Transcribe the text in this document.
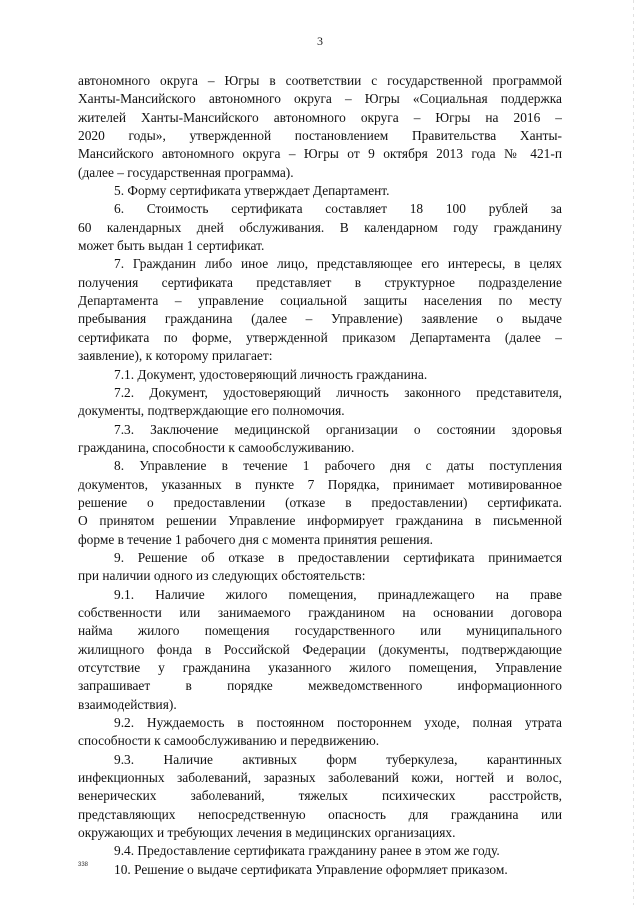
3
автономного округа – Югры в соответствии с государственной программой
Ханты-Мансийского автономного округа – Югры «Социальная поддержка
жителей Ханты-Мансийского автономного округа – Югры на 2016 –
2020 годы», утвержденной постановлением Правительства Ханты-
Мансийского автономного округа – Югры от 9 октября 2013 года № 421-п
(далее – государственная программа).
5. Форму сертификата утверждает Департамент.
6. Стоимость сертификата составляет 18 100 рублей за
60 календарных дней обслуживания. В календарном году гражданину
может быть выдан 1 сертификат.
7. Гражданин либо иное лицо, представляющее его интересы, в целях
получения сертификата представляет в структурное подразделение
Департамента – управление социальной защиты населения по месту
пребывания гражданина (далее – Управление) заявление о выдаче
сертификата по форме, утвержденной приказом Департамента (далее –
заявление), к которому прилагает:
7.1. Документ, удостоверяющий личность гражданина.
7.2. Документ, удостоверяющий личность законного представителя,
документы, подтверждающие его полномочия.
7.3. Заключение медицинской организации о состоянии здоровья
гражданина, способности к самообслуживанию.
8. Управление в течение 1 рабочего дня с даты поступления
документов, указанных в пункте 7 Порядка, принимает мотивированное
решение о предоставлении (отказе в предоставлении) сертификата.
О принятом решении Управление информирует гражданина в письменной
форме в течение 1 рабочего дня с момента принятия решения.
9. Решение об отказе в предоставлении сертификата принимается
при наличии одного из следующих обстоятельств:
9.1. Наличие жилого помещения, принадлежащего на праве
собственности или занимаемого гражданином на основании договора
найма жилого помещения государственного или муниципального
жилищного фонда в Российской Федерации (документы, подтверждающие
отсутствие у гражданина указанного жилого помещения, Управление
запрашивает в порядке межведомственного информационного
взаимодействия).
9.2. Нуждаемость в постоянном постороннем уходе, полная утрата
способности к самообслуживанию и передвижению.
9.3. Наличие активных форм туберкулеза, карантинных
инфекционных заболеваний, заразных заболеваний кожи, ногтей и волос,
венерических заболеваний, тяжелых психических расстройств,
представляющих непосредственную опасность для гражданина или
окружающих и требующих лечения в медицинских организациях.
9.4. Предоставление сертификата гражданину ранее в этом же году.
10. Решение о выдаче сертификата Управление оформляет приказом.
338
